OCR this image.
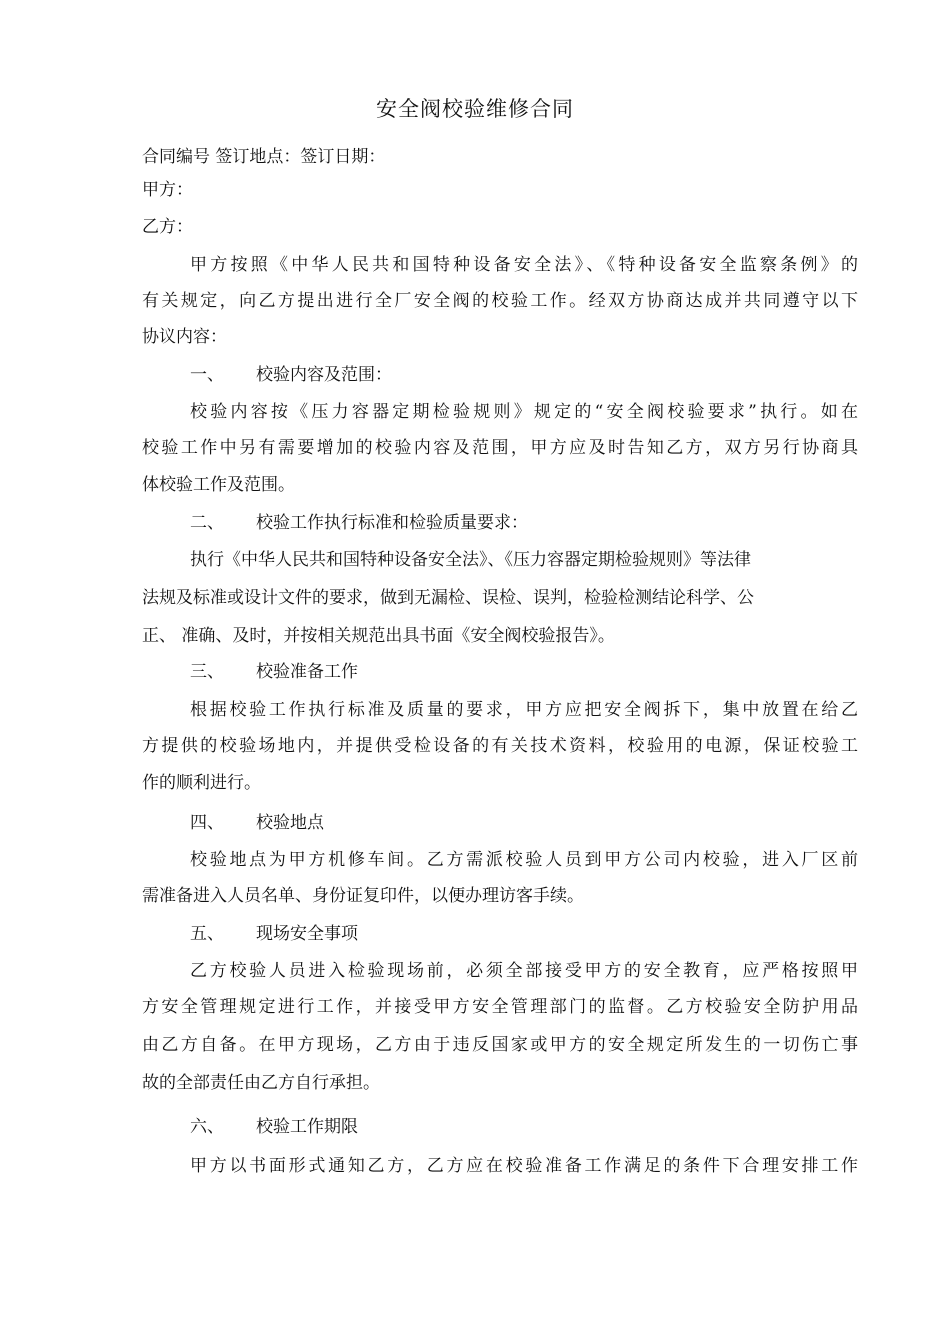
安全阀校验维修合同
合同编号 签订地点：签订日期：
甲方：
乙方：
甲方按照《中华人民共和国特种设备安全法》、《特种设备安全监察条例》的
有关规定，向乙方提出进行全厂安全阀的校验工作。经双方协商达成并共同遵守以下
协议内容：
一、 校验内容及范围：
校验内容按《压力容器定期检验规则》规定的“安全阀校验要求”执行。如在
校验工作中另有需要增加的校验内容及范围，甲方应及时告知乙方，双方另行协商具
体校验工作及范围。
二、 校验工作执行标准和检验质量要求：
执行《中华人民共和国特种设备安全法》、《压力容器定期检验规则》等法律
法规及标准或设计文件的要求，做到无漏检、误检、误判，检验检测结论科学、公
正、 准确、及时，并按相关规范出具书面《安全阀校验报告》。
三、 校验准备工作
根据校验工作执行标准及质量的要求，甲方应把安全阀拆下，集中放置在给乙
方提供的校验场地内，并提供受检设备的有关技术资料，校验用的电源，保证校验工
作的顺利进行。
四、 校验地点
校验地点为甲方机修车间。乙方需派校验人员到甲方公司内校验，进入厂区前
需准备进入人员名单、身份证复印件，以便办理访客手续。
五、 现场安全事项
乙方校验人员进入检验现场前，必须全部接受甲方的安全教育，应严格按照甲
方安全管理规定进行工作，并接受甲方安全管理部门的监督。乙方校验安全防护用品
由乙方自备。在甲方现场，乙方由于违反国家或甲方的安全规定所发生的一切伤亡事
故的全部责任由乙方自行承担。
六、 校验工作期限
甲方以书面形式通知乙方，乙方应在校验准备工作满足的条件下合理安排工作
